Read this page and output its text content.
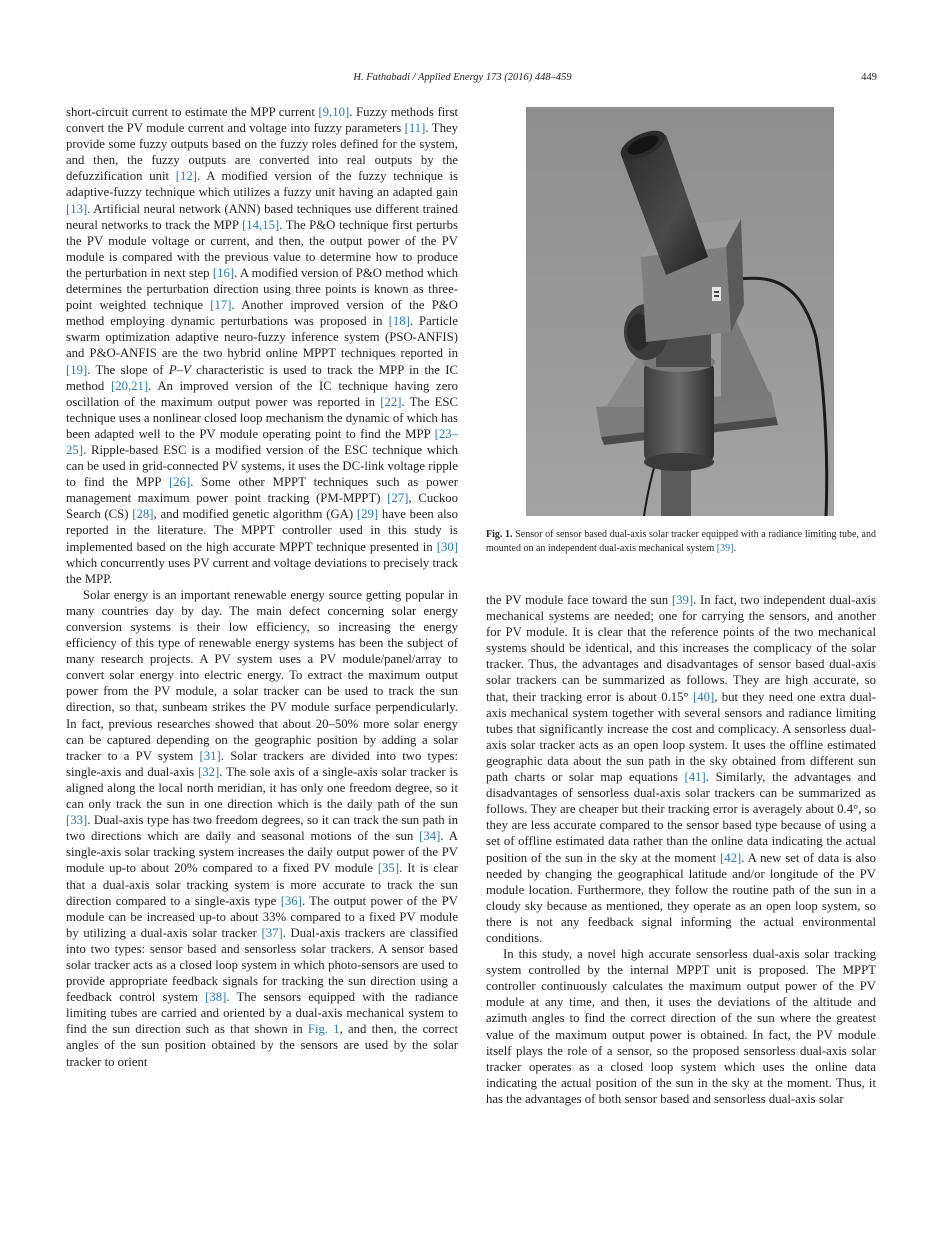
H. Fathabadi / Applied Energy 173 (2016) 448–459	449

short-circuit current to estimate the MPP current [9,10]. Fuzzy methods first convert the PV module current and voltage into fuzzy parameters [11]. They provide some fuzzy outputs based on the fuzzy roles defined for the system, and then, the fuzzy outputs are converted into real outputs by the defuzzification unit [12]. A modified version of the fuzzy technique is adaptive-fuzzy technique which utilizes a fuzzy unit having an adapted gain [13]. Artificial neural network (ANN) based techniques use different trained neural networks to track the MPP [14,15]. The P&O technique first perturbs the PV module voltage or current, and then, the output power of the PV module is compared with the previous value to determine how to produce the perturbation in next step [16]. A modified version of P&O method which determines the perturbation direction using three points is known as three-point weighted technique [17]. Another improved version of the P&O method employing dynamic perturbations was proposed in [18]. Particle swarm optimization adaptive neuro-fuzzy inference system (PSO-ANFIS) and P&O-ANFIS are the two hybrid online MPPT techniques reported in [19]. The slope of P–V characteristic is used to track the MPP in the IC method [20,21]. An improved version of the IC technique having zero oscillation of the maximum output power was reported in [22]. The ESC technique uses a nonlinear closed loop mechanism the dynamic of which has been adapted well to the PV module operating point to find the MPP [23–25]. Ripple-based ESC is a modified version of the ESC technique which can be used in grid-connected PV systems, it uses the DC-link voltage ripple to find the MPP [26]. Some other MPPT techniques such as power management maximum power point tracking (PM-MPPT) [27], Cuckoo Search (CS) [28], and modified genetic algorithm (GA) [29] have been also reported in the literature. The MPPT controller used in this study is implemented based on the high accurate MPPT technique presented in [30] which concurrently uses PV current and voltage deviations to precisely track the MPP.

Solar energy is an important renewable energy source getting popular in many countries day by day. The main defect concerning solar energy conversion systems is their low efficiency, so increasing the energy efficiency of this type of renewable energy systems has been the subject of many research projects. A PV system uses a PV module/panel/array to convert solar energy into electric energy. To extract the maximum output power from the PV module, a solar tracker can be used to track the sun direction, so that, sunbeam strikes the PV module surface perpendicularly. In fact, previous researches showed that about 20–50% more solar energy can be captured depending on the geographic position by adding a solar tracker to a PV system [31]. Solar trackers are divided into two types: single-axis and dual-axis [32]. The sole axis of a single-axis solar tracker is aligned along the local north meridian, it has only one freedom degree, so it can only track the sun in one direction which is the daily path of the sun [33]. Dual-axis type has two freedom degrees, so it can track the sun path in two directions which are daily and seasonal motions of the sun [34]. A single-axis solar tracking system increases the daily output power of the PV module up-to about 20% compared to a fixed PV module [35]. It is clear that a dual-axis solar tracking system is more accurate to track the sun direction compared to a single-axis type [36]. The output power of the PV module can be increased up-to about 33% compared to a fixed PV module by utilizing a dual-axis solar tracker [37]. Dual-axis trackers are classified into two types: sensor based and sensorless solar trackers. A sensor based solar tracker acts as a closed loop system in which photo-sensors are used to provide appropriate feedback signals for tracking the sun direction using a feedback control system [38]. The sensors equipped with the radiance limiting tubes are carried and oriented by a dual-axis mechanical system to find the sun direction such as that shown in Fig. 1, and then, the correct angles of the sun position obtained by the sensors are used by the solar tracker to orient

Fig. 1. Sensor of sensor based dual-axis solar tracker equipped with a radiance limiting tube, and mounted on an independent dual-axis mechanical system [39].

the PV module face toward the sun [39]. In fact, two independent dual-axis mechanical systems are needed; one for carrying the sensors, and another for PV module. It is clear that the reference points of the two mechanical systems should be identical, and this increases the complicacy of the solar tracker. Thus, the advantages and disadvantages of sensor based dual-axis solar trackers can be summarized as follows. They are high accurate, so that, their tracking error is about 0.15° [40], but they need one extra dual-axis mechanical system together with several sensors and radiance limiting tubes that significantly increase the cost and complicacy. A sensorless dual-axis solar tracker acts as an open loop system. It uses the offline estimated geographic data about the sun path in the sky obtained from different sun path charts or solar map equations [41]. Similarly, the advantages and disadvantages of sensorless dual-axis solar trackers can be summarized as follows. They are cheaper but their tracking error is averagely about 0.4°, so they are less accurate compared to the sensor based type because of using a set of offline estimated data rather than the online data indicating the actual position of the sun in the sky at the moment [42]. A new set of data is also needed by changing the geographical latitude and/or longitude of the PV module location. Furthermore, they follow the routine path of the sun in a cloudy sky because as mentioned, they operate as an open loop system, so there is not any feedback signal informing the actual environmental conditions.

In this study, a novel high accurate sensorless dual-axis solar tracking system controlled by the internal MPPT unit is proposed. The MPPT controller continuously calculates the maximum output power of the PV module at any time, and then, it uses the deviations of the altitude and azimuth angles to find the correct direction of the sun where the greatest value of the maximum output power is obtained. In fact, the PV module itself plays the role of a sensor, so the proposed sensorless dual-axis solar tracker operates as a closed loop system which uses the online data indicating the actual position of the sun in the sky at the moment. Thus, it has the advantages of both sensor based and sensorless dual-axis solar
